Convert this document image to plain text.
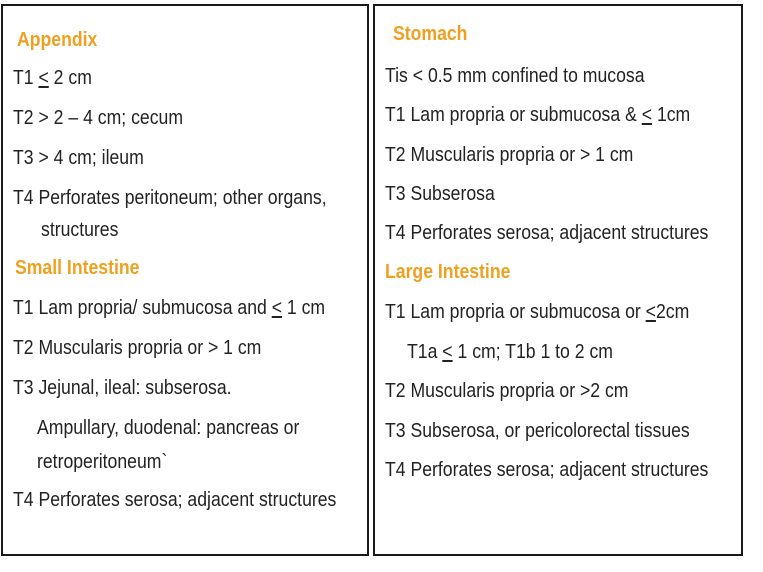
Appendix
T1 < 2 cm
T2 > 2 – 4 cm; cecum
T3 > 4 cm; ileum
T4 Perforates peritoneum; other organs,
structures
Small Intestine
T1 Lam propria/ submucosa and < 1 cm
T2 Muscularis propria or > 1 cm
T3 Jejunal, ileal: subserosa.
Ampullary, duodenal: pancreas or
retroperitoneum`
T4 Perforates serosa; adjacent structures
Stomach
Tis < 0.5 mm confined to mucosa
T1 Lam propria or submucosa & < 1cm
T2 Muscularis propria or > 1 cm
T3 Subserosa
T4 Perforates serosa; adjacent structures
Large Intestine
T1 Lam propria or submucosa or <2cm
T1a < 1 cm; T1b 1 to 2 cm
T2 Muscularis propria or >2 cm
T3 Subserosa, or pericolorectal tissues
T4 Perforates serosa; adjacent structures
